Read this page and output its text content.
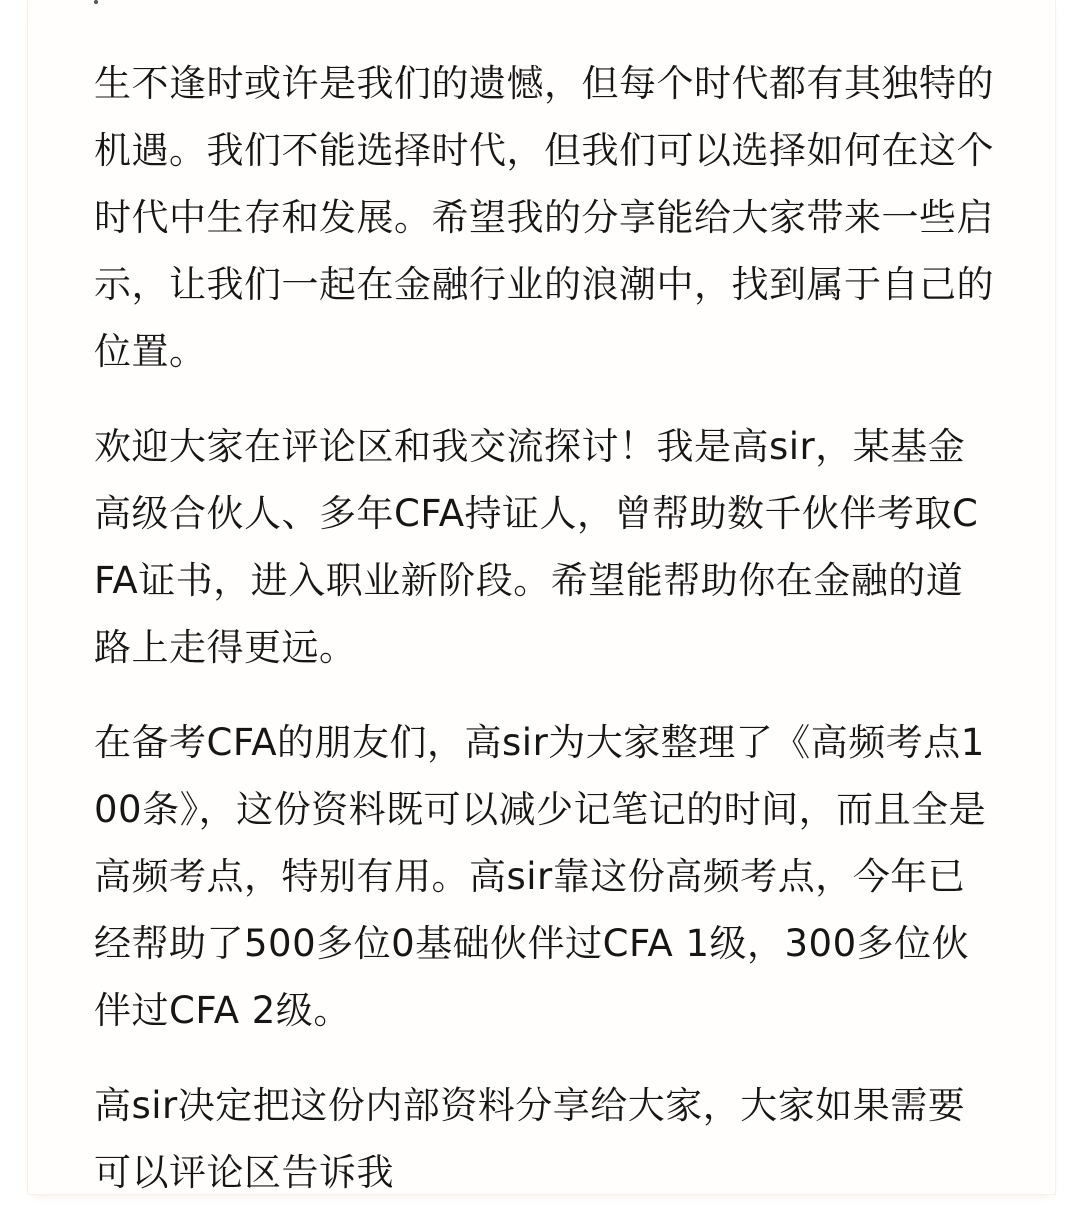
生不逢时或许是我们的遗憾，但每个时代都有其独特的机遇。我们不能选择时代，但我们可以选择如何在这个时代中生存和发展。希望我的分享能给大家带来一些启示，让我们一起在金融行业的浪潮中，找到属于自己的位置。

欢迎大家在评论区和我交流探讨！我是高sir，某基金高级合伙人、多年CFA持证人，曾帮助数千伙伴考取CFA证书，进入职业新阶段。希望能帮助你在金融的道路上走得更远。

在备考CFA的朋友们，高sir为大家整理了《高频考点100条》，这份资料既可以减少记笔记的时间，而且全是高频考点，特别有用。高sir靠这份高频考点，今年已经帮助了500多位0基础伙伴过CFA 1级，300多位伙伴过CFA 2级。

高sir决定把这份内部资料分享给大家，大家如果需要可以评论区告诉我
